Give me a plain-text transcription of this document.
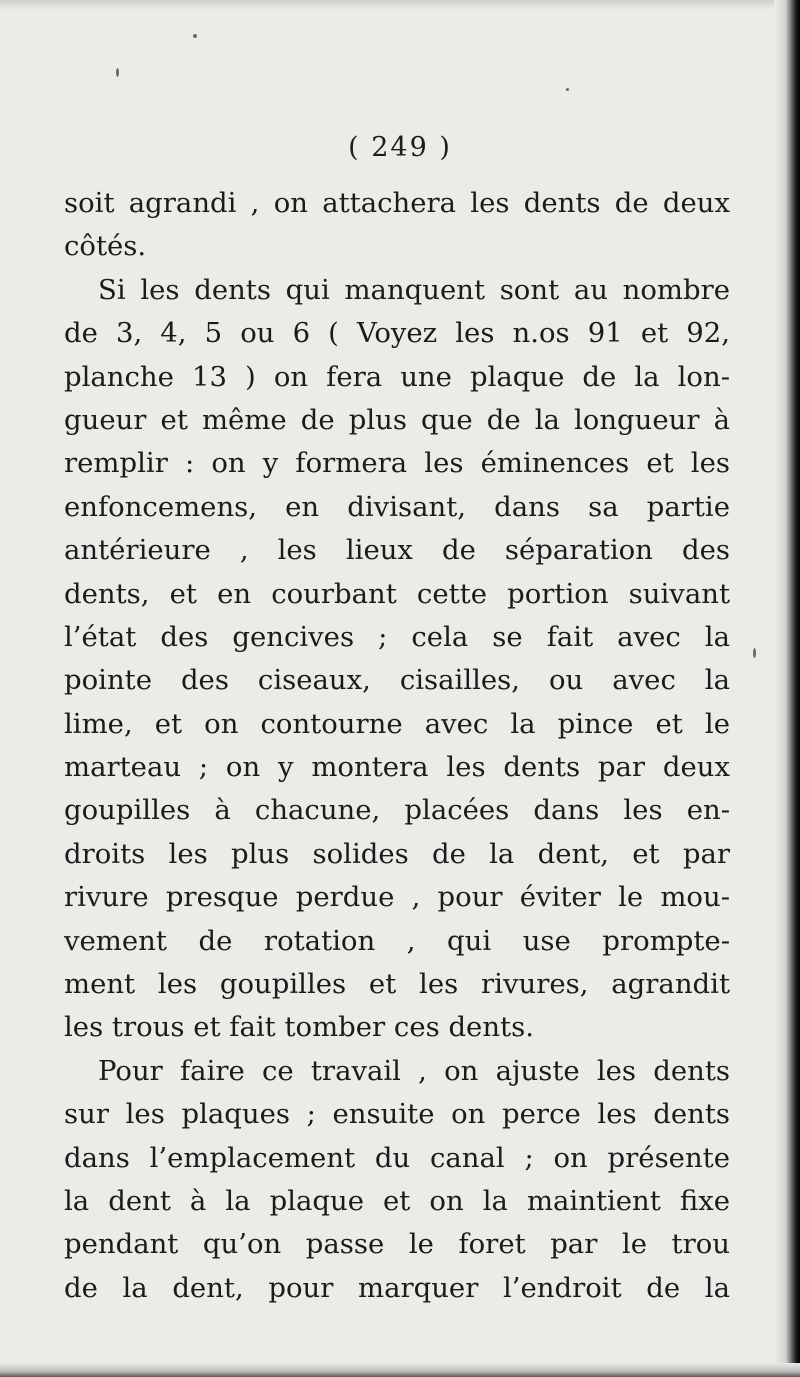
( 249 )
soit agrandi , on attachera les dents de deux
côtés.
Si les dents qui manquent sont au nombre
de 3, 4, 5 ou 6 ( Voyez les n.os 91 et 92,
planche 13 ) on fera une plaque de la lon-
gueur et même de plus que de la longueur à
remplir : on y formera les éminences et les
enfoncemens, en divisant, dans sa partie
antérieure , les lieux de séparation des
dents, et en courbant cette portion suivant
l’état des gencives ; cela se fait avec la
pointe des ciseaux, cisailles, ou avec la
lime, et on contourne avec la pince et le
marteau ; on y montera les dents par deux
goupilles à chacune, placées dans les en-
droits les plus solides de la dent, et par
rivure presque perdue , pour éviter le mou-
vement de rotation , qui use prompte-
ment les goupilles et les rivures, agrandit
les trous et fait tomber ces dents.
Pour faire ce travail , on ajuste les dents
sur les plaques ; ensuite on perce les dents
dans l’emplacement du canal ; on présente
la dent à la plaque et on la maintient fixe
pendant qu’on passe le foret par le trou
de la dent, pour marquer l’endroit de la
